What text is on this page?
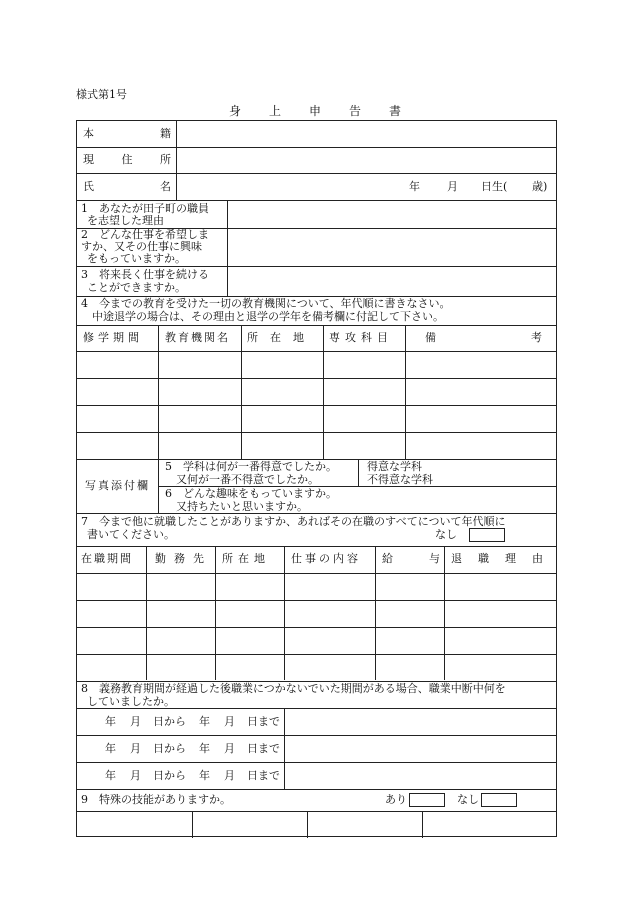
様式第1号
身上申告書
本	籍
現	住	所
氏	名	年 月 日生( 歳)
1　あなたが田子町の職員
を志望した理由
2　どんな仕事を希望しま
すか、又その仕事に興味
をもっていますか。
3　将来長く仕事を続ける
ことができますか。
4　今までの教育を受けた一切の教育機関について、年代順に書きなさい。
　中途退学の場合は、その理由と退学の学年を備考欄に付記して下さい。
修学期間 教育機関名 所在地 専攻科目	備	考
写真添付欄
5　学科は何が一番得意でしたか。
　又何が一番不得意でしたか。
得意な学科
不得意な学科
6　どんな趣味をもっていますか。
　又持ちたいと思いますか。
7　今まで他に就職したことがありますか、あればその在職のすべてについて年代順に
書いてください。	なし
在職期間 勤務先 所在地 仕事の内容 給	与 退職理由
8　義務教育期間が経過した後職業につかないでいた期間がある場合、職業中断中何を
していましたか。
年 月 日から 年 月 日まで
年 月 日から 年 月 日まで
年 月 日から 年 月 日まで
9　特殊の技能がありますか。	あり	なし
